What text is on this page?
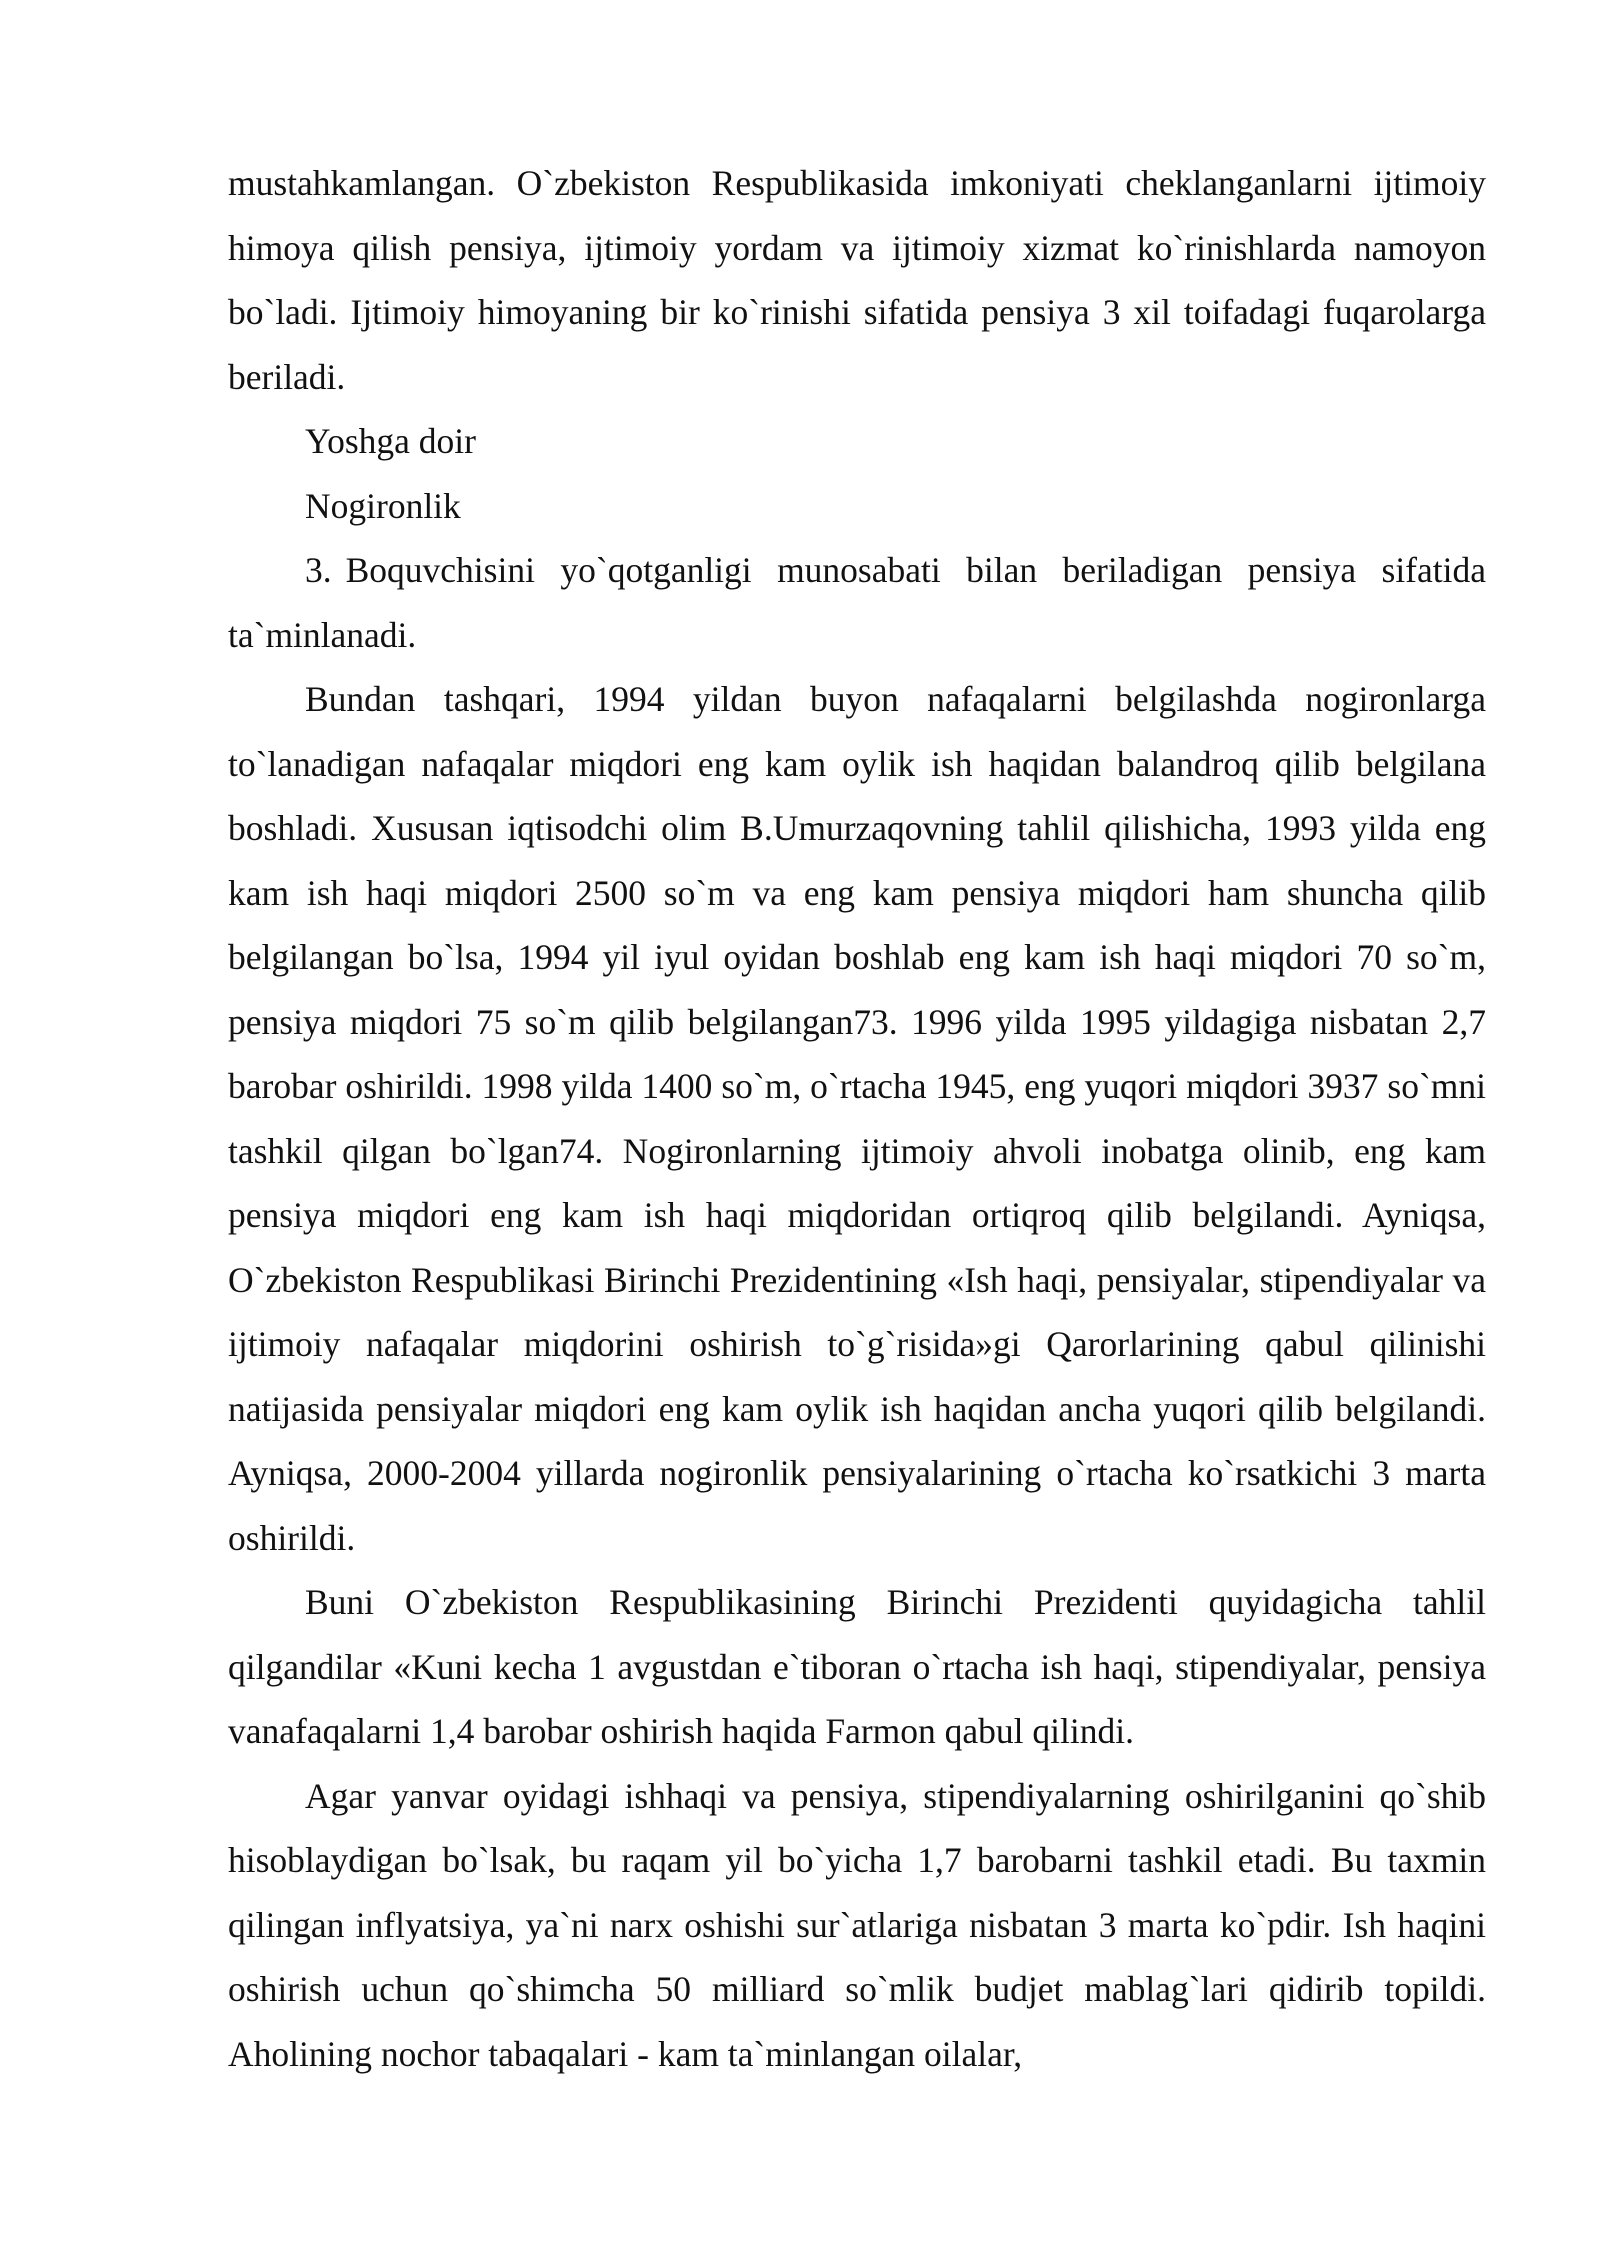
mustahkamlangan. O`zbekiston Respublikasida imkoniyati cheklanganlarni ijtimoiy himoya qilish pensiya, ijtimoiy yordam va ijtimoiy xizmat ko`rinishlarda namoyon bo`ladi. Ijtimoiy himoyaning bir ko`rinishi sifatida pensiya 3 xil toifadagi fuqarolarga beriladi.

Yoshga doir

Nogironlik

3. Boquvchisini yo`qotganligi munosabati bilan beriladigan pensiya sifatida ta`minlanadi.

Bundan tashqari, 1994 yildan buyon nafaqalarni belgilashda nogironlarga to`lanadigan nafaqalar miqdori eng kam oylik ish haqidan balandroq qilib belgilana boshladi. Xususan iqtisodchi olim B.Umurzaqovning tahlil qilishicha, 1993 yilda eng kam ish haqi miqdori 2500 so`m va eng kam pensiya miqdori ham shuncha qilib belgilangan bo`lsa, 1994 yil iyul oyidan boshlab eng kam ish haqi miqdori 70 so`m, pensiya miqdori 75 so`m qilib belgilangan73. 1996 yilda 1995 yildagiga nisbatan 2,7 barobar oshirildi. 1998 yilda 1400 so`m, o`rtacha 1945, eng yuqori miqdori 3937 so`mni tashkil qilgan bo`lgan74. Nogironlarning ijtimoiy ahvoli inobatga olinib, eng kam pensiya miqdori eng kam ish haqi miqdoridan ortiqroq qilib belgilandi. Ayniqsa, O`zbekiston Respublikasi Birinchi Prezidentining «Ish haqi, pensiyalar, stipendiyalar va ijtimoiy nafaqalar miqdorini oshirish to`g`risida»gi Qarorlarining qabul qilinishi natijasida pensiyalar miqdori eng kam oylik ish haqidan ancha yuqori qilib belgilandi. Ayniqsa, 2000-2004 yillarda nogironlik pensiyalarining o`rtacha ko`rsatkichi 3 marta oshirildi.

Buni O`zbekiston Respublikasining Birinchi Prezidenti quyidagicha tahlil qilgandilar «Kuni kecha 1 avgustdan e`tiboran o`rtacha ish haqi, stipendiyalar, pensiya vanafaqalarni 1,4 barobar oshirish haqida Farmon qabul qilindi.

Agar yanvar oyidagi ishhaqi va pensiya, stipendiyalarning oshirilganini qo`shib hisoblaydigan bo`lsak, bu raqam yil bo`yicha 1,7 barobarni tashkil etadi. Bu taxmin qilingan inflyatsiya, ya`ni narx oshishi sur`atlariga nisbatan 3 marta ko`pdir. Ish haqini oshirish uchun qo`shimcha 50 milliard so`mlik budjet mablag`lari qidirib topildi. Aholining nochor tabaqalari - kam ta`minlangan oilalar,
